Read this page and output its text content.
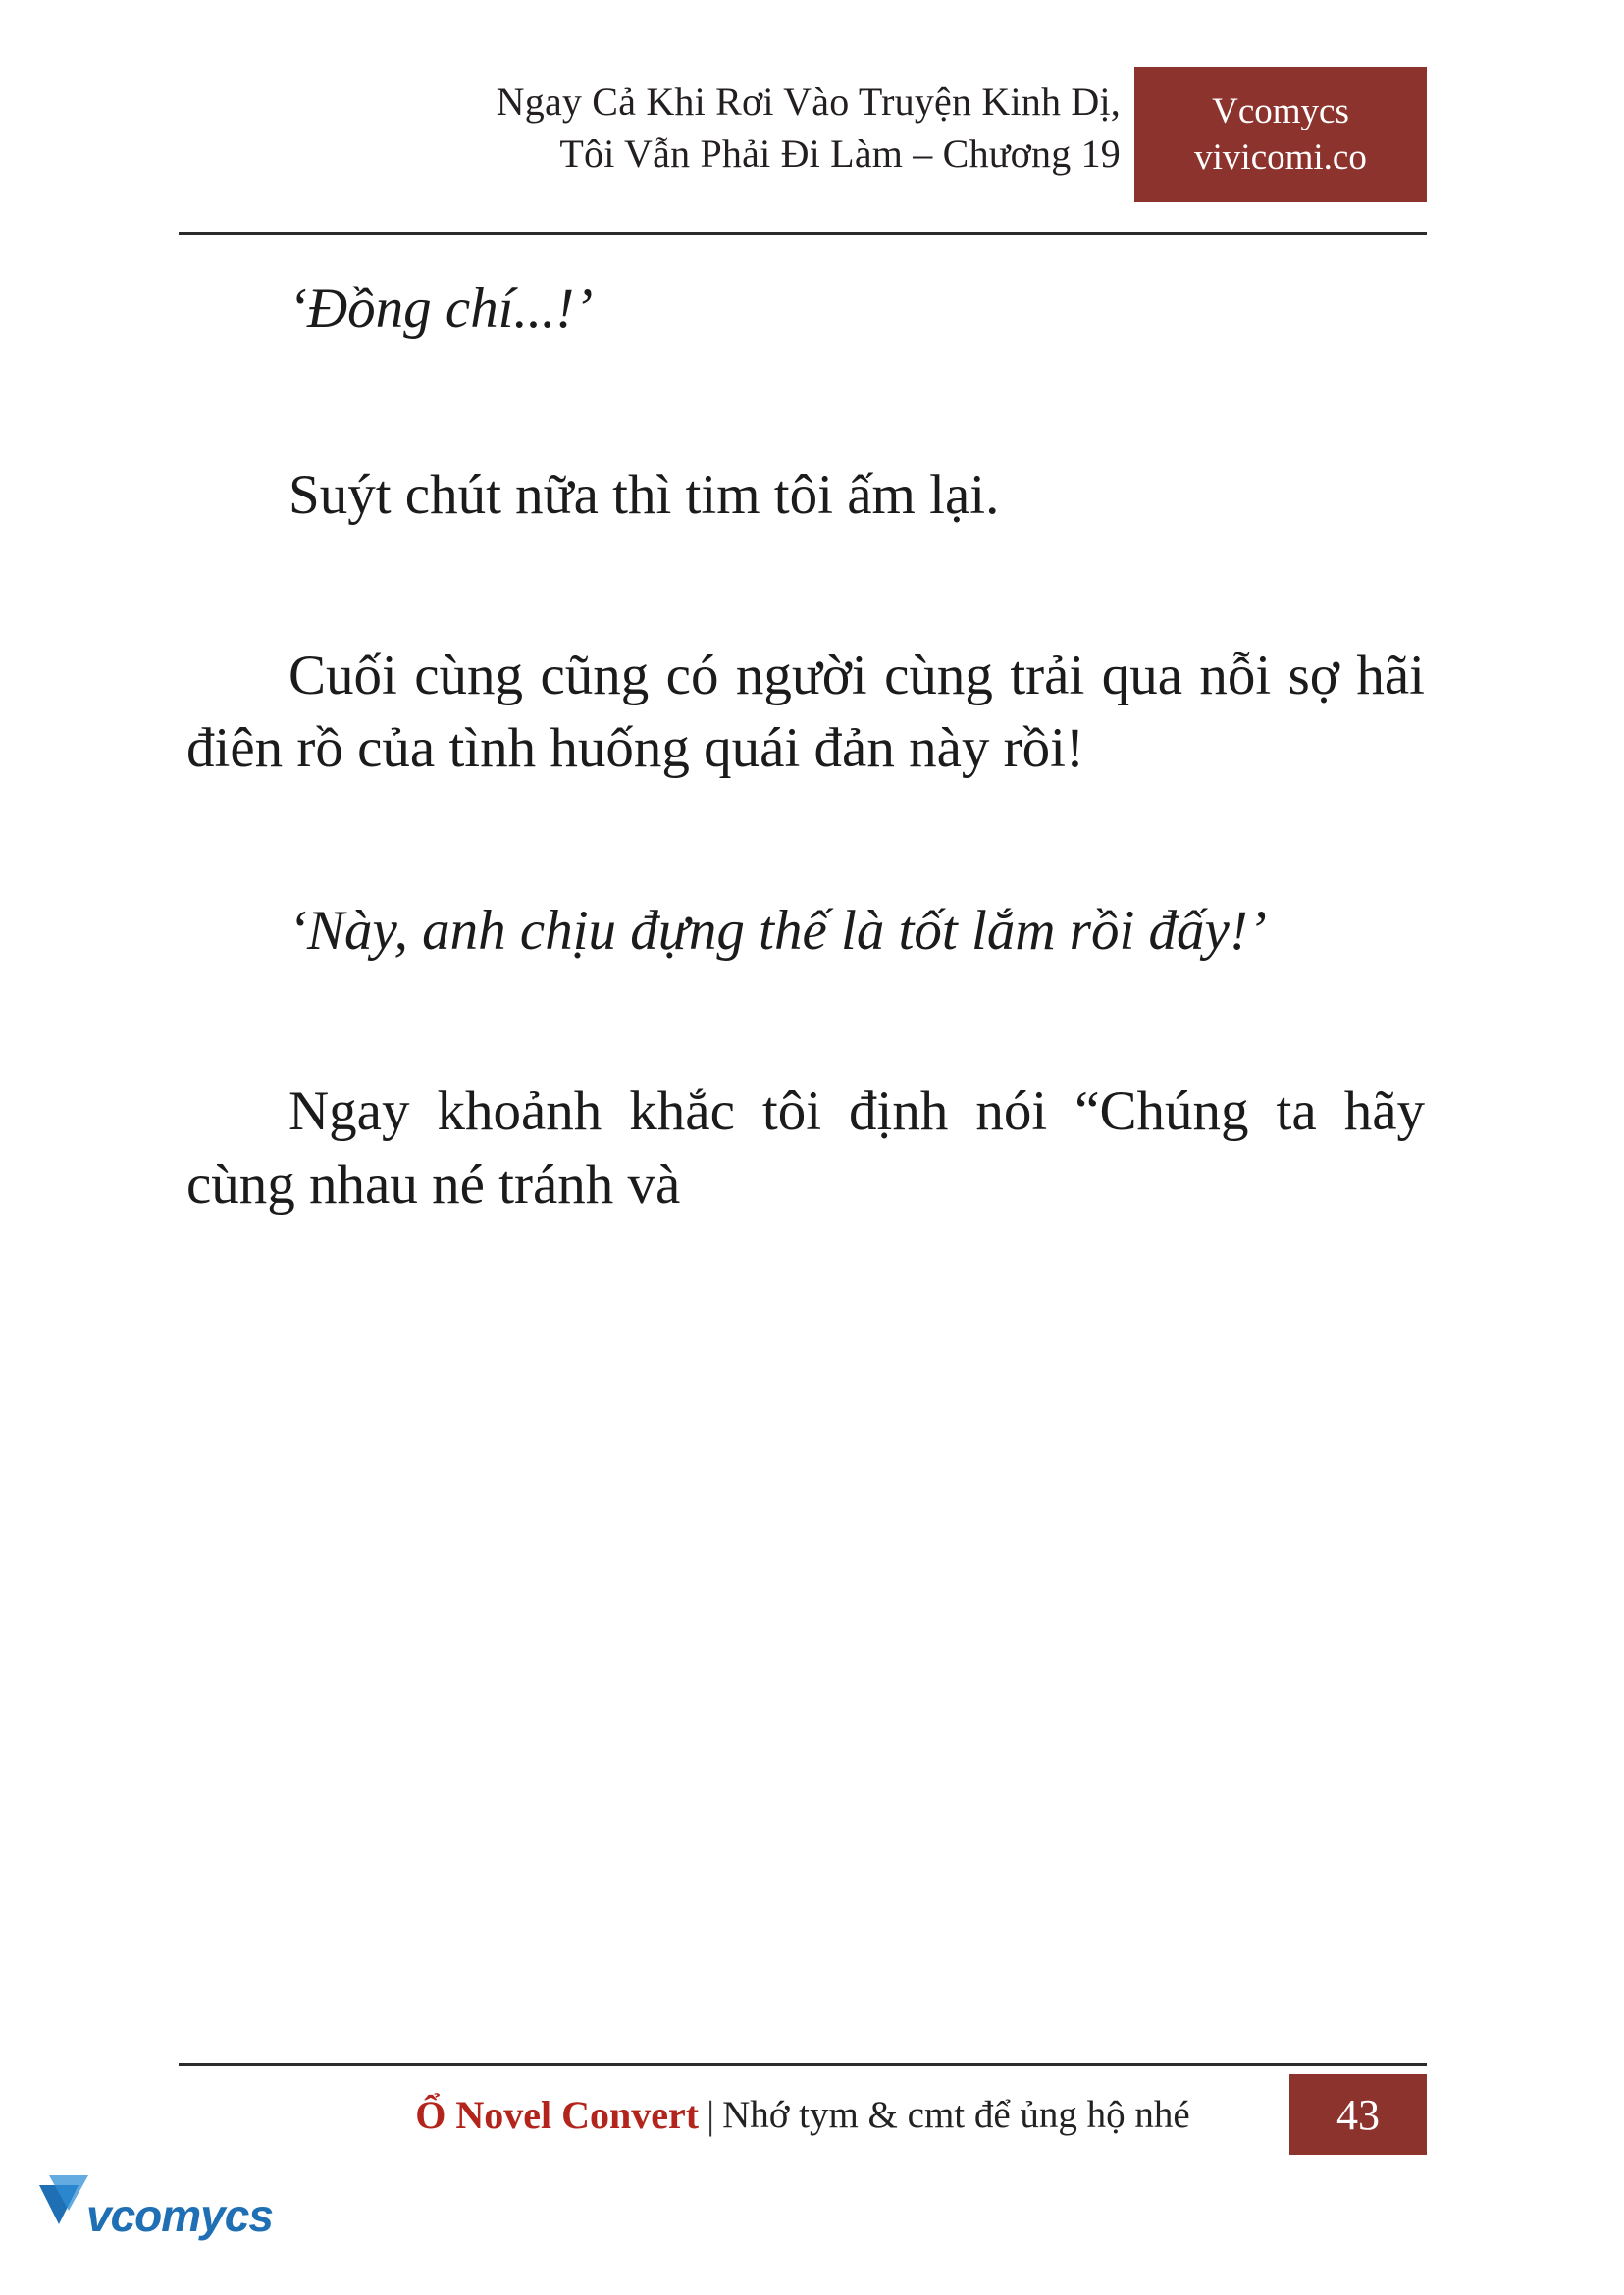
Ngay Cả Khi Rơi Vào Truyện Kinh Dị,
Tôi Vẫn Phải Đi Làm – Chương 19
Vcomycs
vivicomi.co

‘Đồng chí...!’

Suýt chút nữa thì tim tôi ấm lại.

Cuối cùng cũng có người cùng trải qua nỗi sợ hãi điên rồ của tình huống quái đản này rồi!

‘Này, anh chịu đựng thế là tốt lắm rồi đấy!’

Ngay khoảnh khắc tôi định nói “Chúng ta hãy cùng nhau né tránh và

Ổ Novel Convert | Nhớ tym & cmt để ủng hộ nhé	43
vcomycs
